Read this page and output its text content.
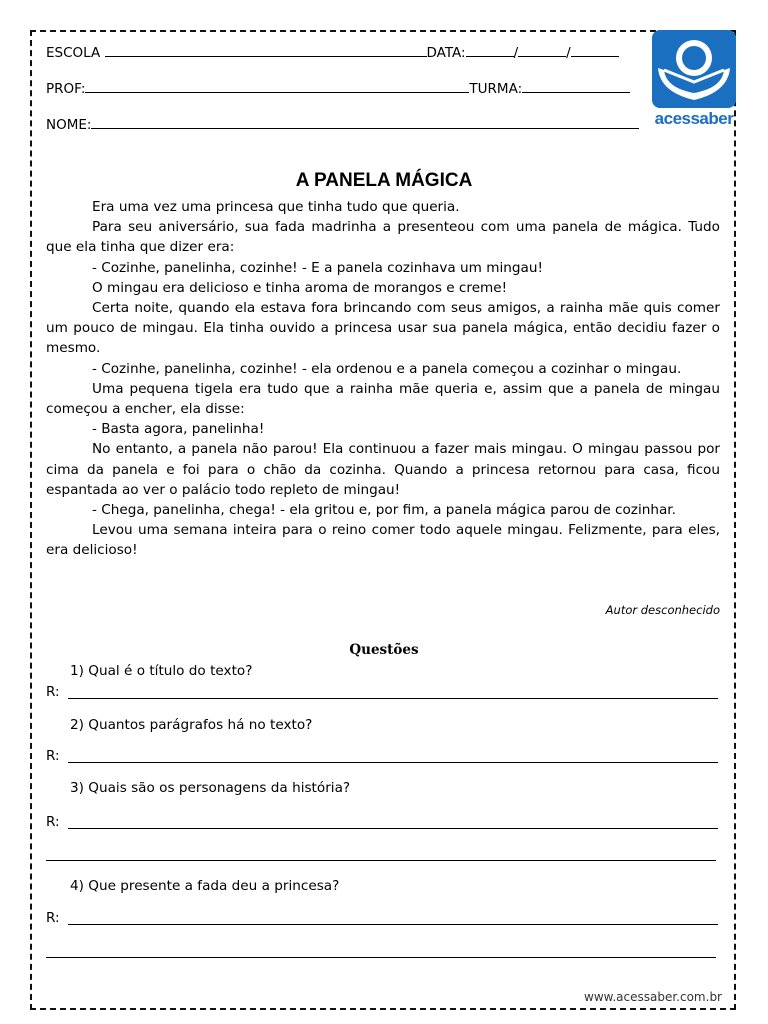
ESCOLA	DATA:	/	/
PROF:	TURMA:
NOME:	acessaber
A PANELA MÁGICA

Era uma vez uma princesa que tinha tudo que queria.

Para seu aniversário, sua fada madrinha a presenteou com uma panela de mágica. Tudo que ela tinha que dizer era:

- Cozinhe, panelinha, cozinhe! - E a panela cozinhava um mingau!

O mingau era delicioso e tinha aroma de morangos e creme!

Certa noite, quando ela estava fora brincando com seus amigos, a rainha mãe quis comer um pouco de mingau. Ela tinha ouvido a princesa usar sua panela mágica, então decidiu fazer o mesmo.

- Cozinhe, panelinha, cozinhe! - ela ordenou e a panela começou a cozinhar o mingau.

Uma pequena tigela era tudo que a rainha mãe queria e, assim que a panela de mingau começou a encher, ela disse:

- Basta agora, panelinha!

No entanto, a panela não parou! Ela continuou a fazer mais mingau. O mingau passou por cima da panela e foi para o chão da cozinha. Quando a princesa retornou para casa, ficou espantada ao ver o palácio todo repleto de mingau!

- Chega, panelinha, chega! - ela gritou e, por fim, a panela mágica parou de cozinhar.

Levou uma semana inteira para o reino comer todo aquele mingau. Felizmente, para eles, era delicioso!

Autor desconhecido
Questões
1) Qual é o título do texto?
R:
2) Quantos parágrafos há no texto?
R:
3) Quais são os personagens da história?
R:
4) Que presente a fada deu a princesa?
R:
www.acessaber.com.br
